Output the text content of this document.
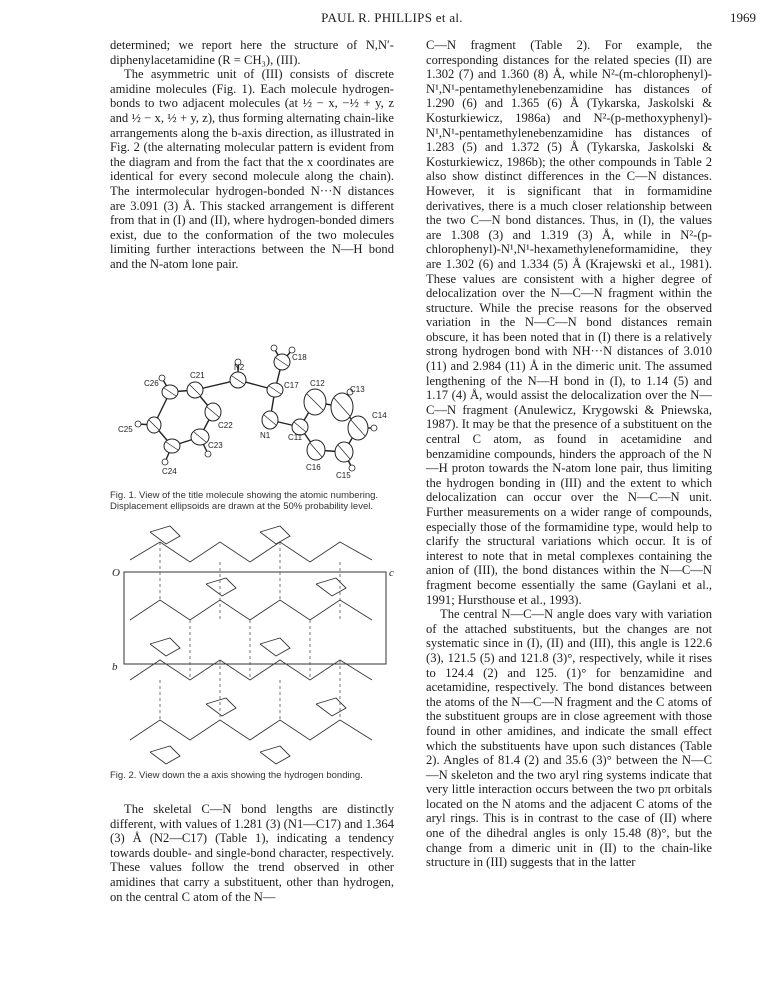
PAUL R. PHILLIPS et al.	1969

determined; we report here the structure of N,N′-diphenylacetamidine (R = CH₃), (III).

The asymmetric unit of (III) consists of discrete amidine molecules (Fig. 1). Each molecule hydrogen-bonds to two adjacent molecules (at ½ − x, −½ + y, z and ½ − x, ½ + y, z), thus forming alternating chain-like arrangements along the b-axis direction, as illustrated in Fig. 2 (the alternating molecular pattern is evident from the diagram and from the fact that the x coordinates are identical for every second molecule along the chain). The intermolecular hydrogen-bonded N···N distances are 3.091 (3) Å. This stacked arrangement is different from that in (I) and (II), where hydrogen-bonded dimers exist, due to the conformation of the two molecules limiting further interactions between the N—H bond and the N-atom lone pair.

C18
N2
C26
C21
C17 C12
C13
C14
C25	C22
N1 C11
C16
C15
C23
C24
Fig. 1. View of the title molecule showing the atomic numbering. Displacement ellipsoids are drawn at the 50% probability level.
O	c
b
Fig. 2. View down the a axis showing the hydrogen bonding.

The skeletal C—N bond lengths are distinctly different, with values of 1.281 (3) (N1—C17) and 1.364 (3) Å (N2—C17) (Table 1), indicating a tendency towards double- and single-bond character, respectively. These values follow the trend observed in other amidines that carry a substituent, other than hydrogen, on the central C atom of the N—

C—N fragment (Table 2). For example, the corresponding distances for the related species (II) are 1.302 (7) and 1.360 (8) Å, while N²-(m-chlorophenyl)-N¹,N¹-pentamethylenebenzamidine has distances of 1.290 (6) and 1.365 (6) Å (Tykarska, Jaskolski & Kosturkiewicz, 1986a) and N²-(p-methoxyphenyl)-N¹,N¹-pentamethylenebenzamidine has distances of 1.283 (5) and 1.372 (5) Å (Tykarska, Jaskolski & Kosturkiewicz, 1986b); the other compounds in Table 2 also show distinct differences in the C—N distances. However, it is significant that in formamidine derivatives, there is a much closer relationship between the two C—N bond distances. Thus, in (I), the values are 1.308 (3) and 1.319 (3) Å, while in N²-(p-chlorophenyl)-N¹,N¹-hexamethyleneformamidine, they are 1.302 (6) and 1.334 (5) Å (Krajewski et al., 1981). These values are consistent with a higher degree of delocalization over the N—C—N fragment within the structure. While the precise reasons for the observed variation in the N—C—N bond distances remain obscure, it has been noted that in (I) there is a relatively strong hydrogen bond with NH···N distances of 3.010 (11) and 2.984 (11) Å in the dimeric unit. The assumed lengthening of the N—H bond in (I), to 1.14 (5) and 1.17 (4) Å, would assist the delocalization over the N—C—N fragment (Anulewicz, Krygowski & Pniewska, 1987). It may be that the presence of a substituent on the central C atom, as found in acetamidine and benzamidine compounds, hinders the approach of the N—H proton towards the N-atom lone pair, thus limiting the hydrogen bonding in (III) and the extent to which delocalization can occur over the N—C—N unit. Further measurements on a wider range of compounds, especially those of the formamidine type, would help to clarify the structural variations which occur. It is of interest to note that in metal complexes containing the anion of (III), the bond distances within the N—C—N fragment become essentially the same (Gaylani et al., 1991; Hursthouse et al., 1993).

The central N—C—N angle does vary with variation of the attached substituents, but the changes are not systematic since in (I), (II) and (III), this angle is 122.6 (3), 121.5 (5) and 121.8 (3)°, respectively, while it rises to 124.4 (2) and 125. (1)° for benzamidine and acetamidine, respectively. The bond distances between the atoms of the N—C—N fragment and the C atoms of the substituent groups are in close agreement with those found in other amidines, and indicate the small effect which the substituents have upon such distances (Table 2). Angles of 81.4 (2) and 35.6 (3)° between the N—C—N skeleton and the two aryl ring systems indicate that very little interaction occurs between the two pπ orbitals located on the N atoms and the adjacent C atoms of the aryl rings. This is in contrast to the case of (II) where one of the dihedral angles is only 15.48 (8)°, but the change from a dimeric unit in (II) to the chain-like structure in (III) suggests that in the latter
